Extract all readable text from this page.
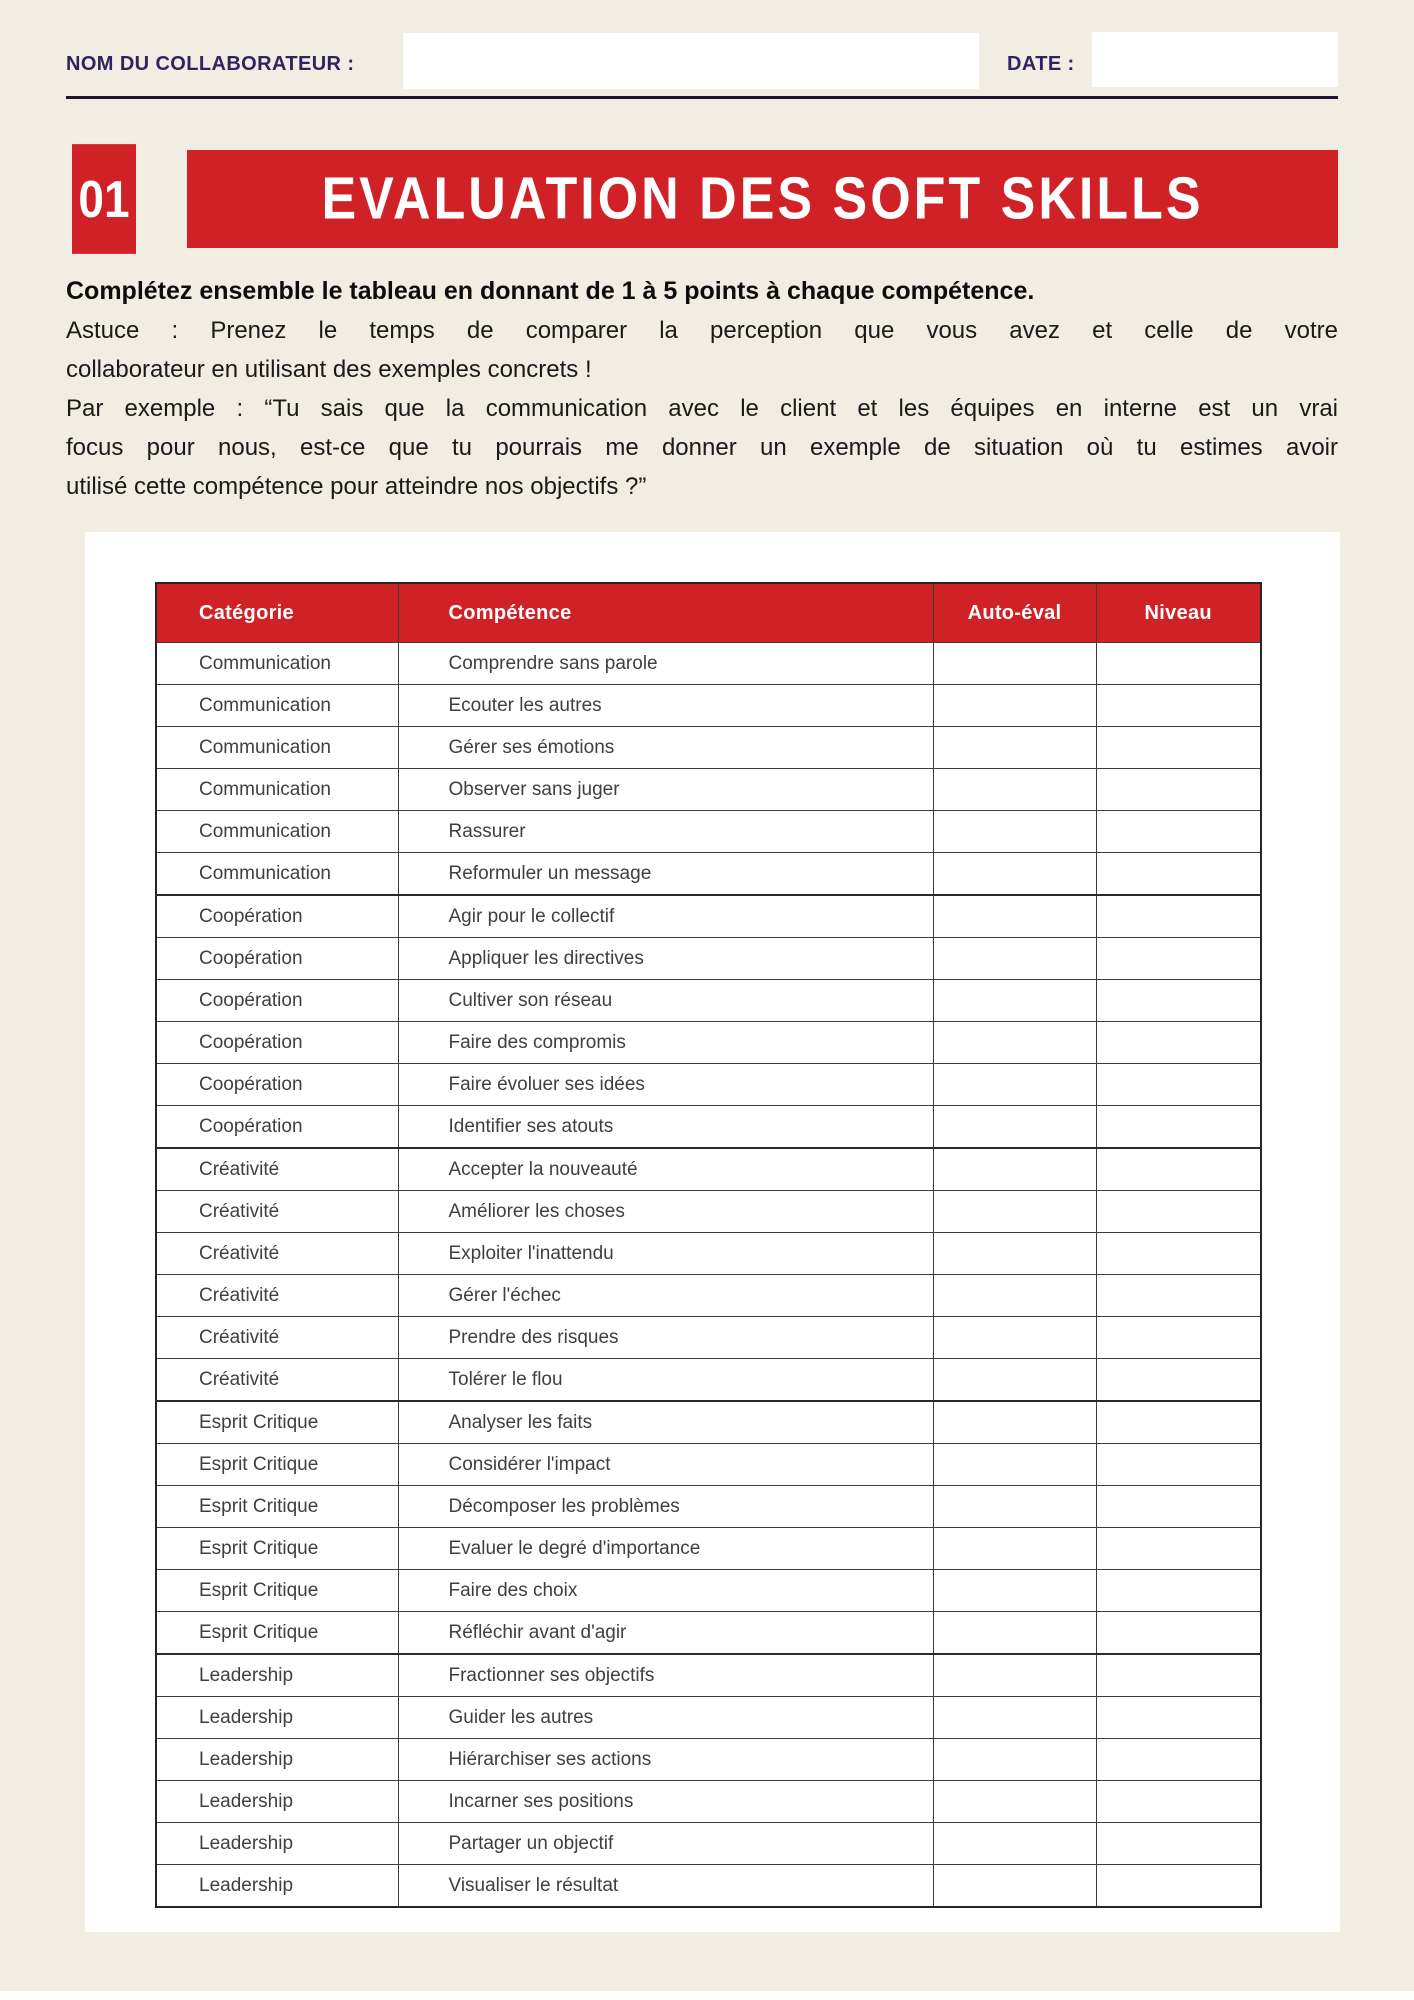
NOM DU COLLABORATEUR :	DATE :
01	EVALUATION DES SOFT SKILLS
Complétez ensemble le tableau en donnant de 1 à 5 points à chaque compétence.
Astuce : Prenez le temps de comparer la perception que vous avez et celle de votre
collaborateur en utilisant des exemples concrets !
Par exemple : “Tu sais que la communication avec le client et les équipes en interne est un vrai
focus pour nous, est-ce que tu pourrais me donner un exemple de situation où tu estimes avoir
utilisé cette compétence pour atteindre nos objectifs ?”
Catégorie	Compétence	Auto-éval	Niveau
Communication	Comprendre sans parole		
Communication	Ecouter les autres		
Communication	Gérer ses émotions		
Communication	Observer sans juger		
Communication	Rassurer		
Communication	Reformuler un message		
Coopération	Agir pour le collectif		
Coopération	Appliquer les directives		
Coopération	Cultiver son réseau		
Coopération	Faire des compromis		
Coopération	Faire évoluer ses idées		
Coopération	Identifier ses atouts		
Créativité	Accepter la nouveauté		
Créativité	Améliorer les choses		
Créativité	Exploiter l'inattendu		
Créativité	Gérer l'échec		
Créativité	Prendre des risques		
Créativité	Tolérer le flou		
Esprit Critique	Analyser les faits		
Esprit Critique	Considérer l'impact		
Esprit Critique	Décomposer les problèmes		
Esprit Critique	Evaluer le degré d'importance		
Esprit Critique	Faire des choix		
Esprit Critique	Réfléchir avant d'agir		
Leadership	Fractionner ses objectifs		
Leadership	Guider les autres		
Leadership	Hiérarchiser ses actions		
Leadership	Incarner ses positions		
Leadership	Partager un objectif		
Leadership	Visualiser le résultat		
